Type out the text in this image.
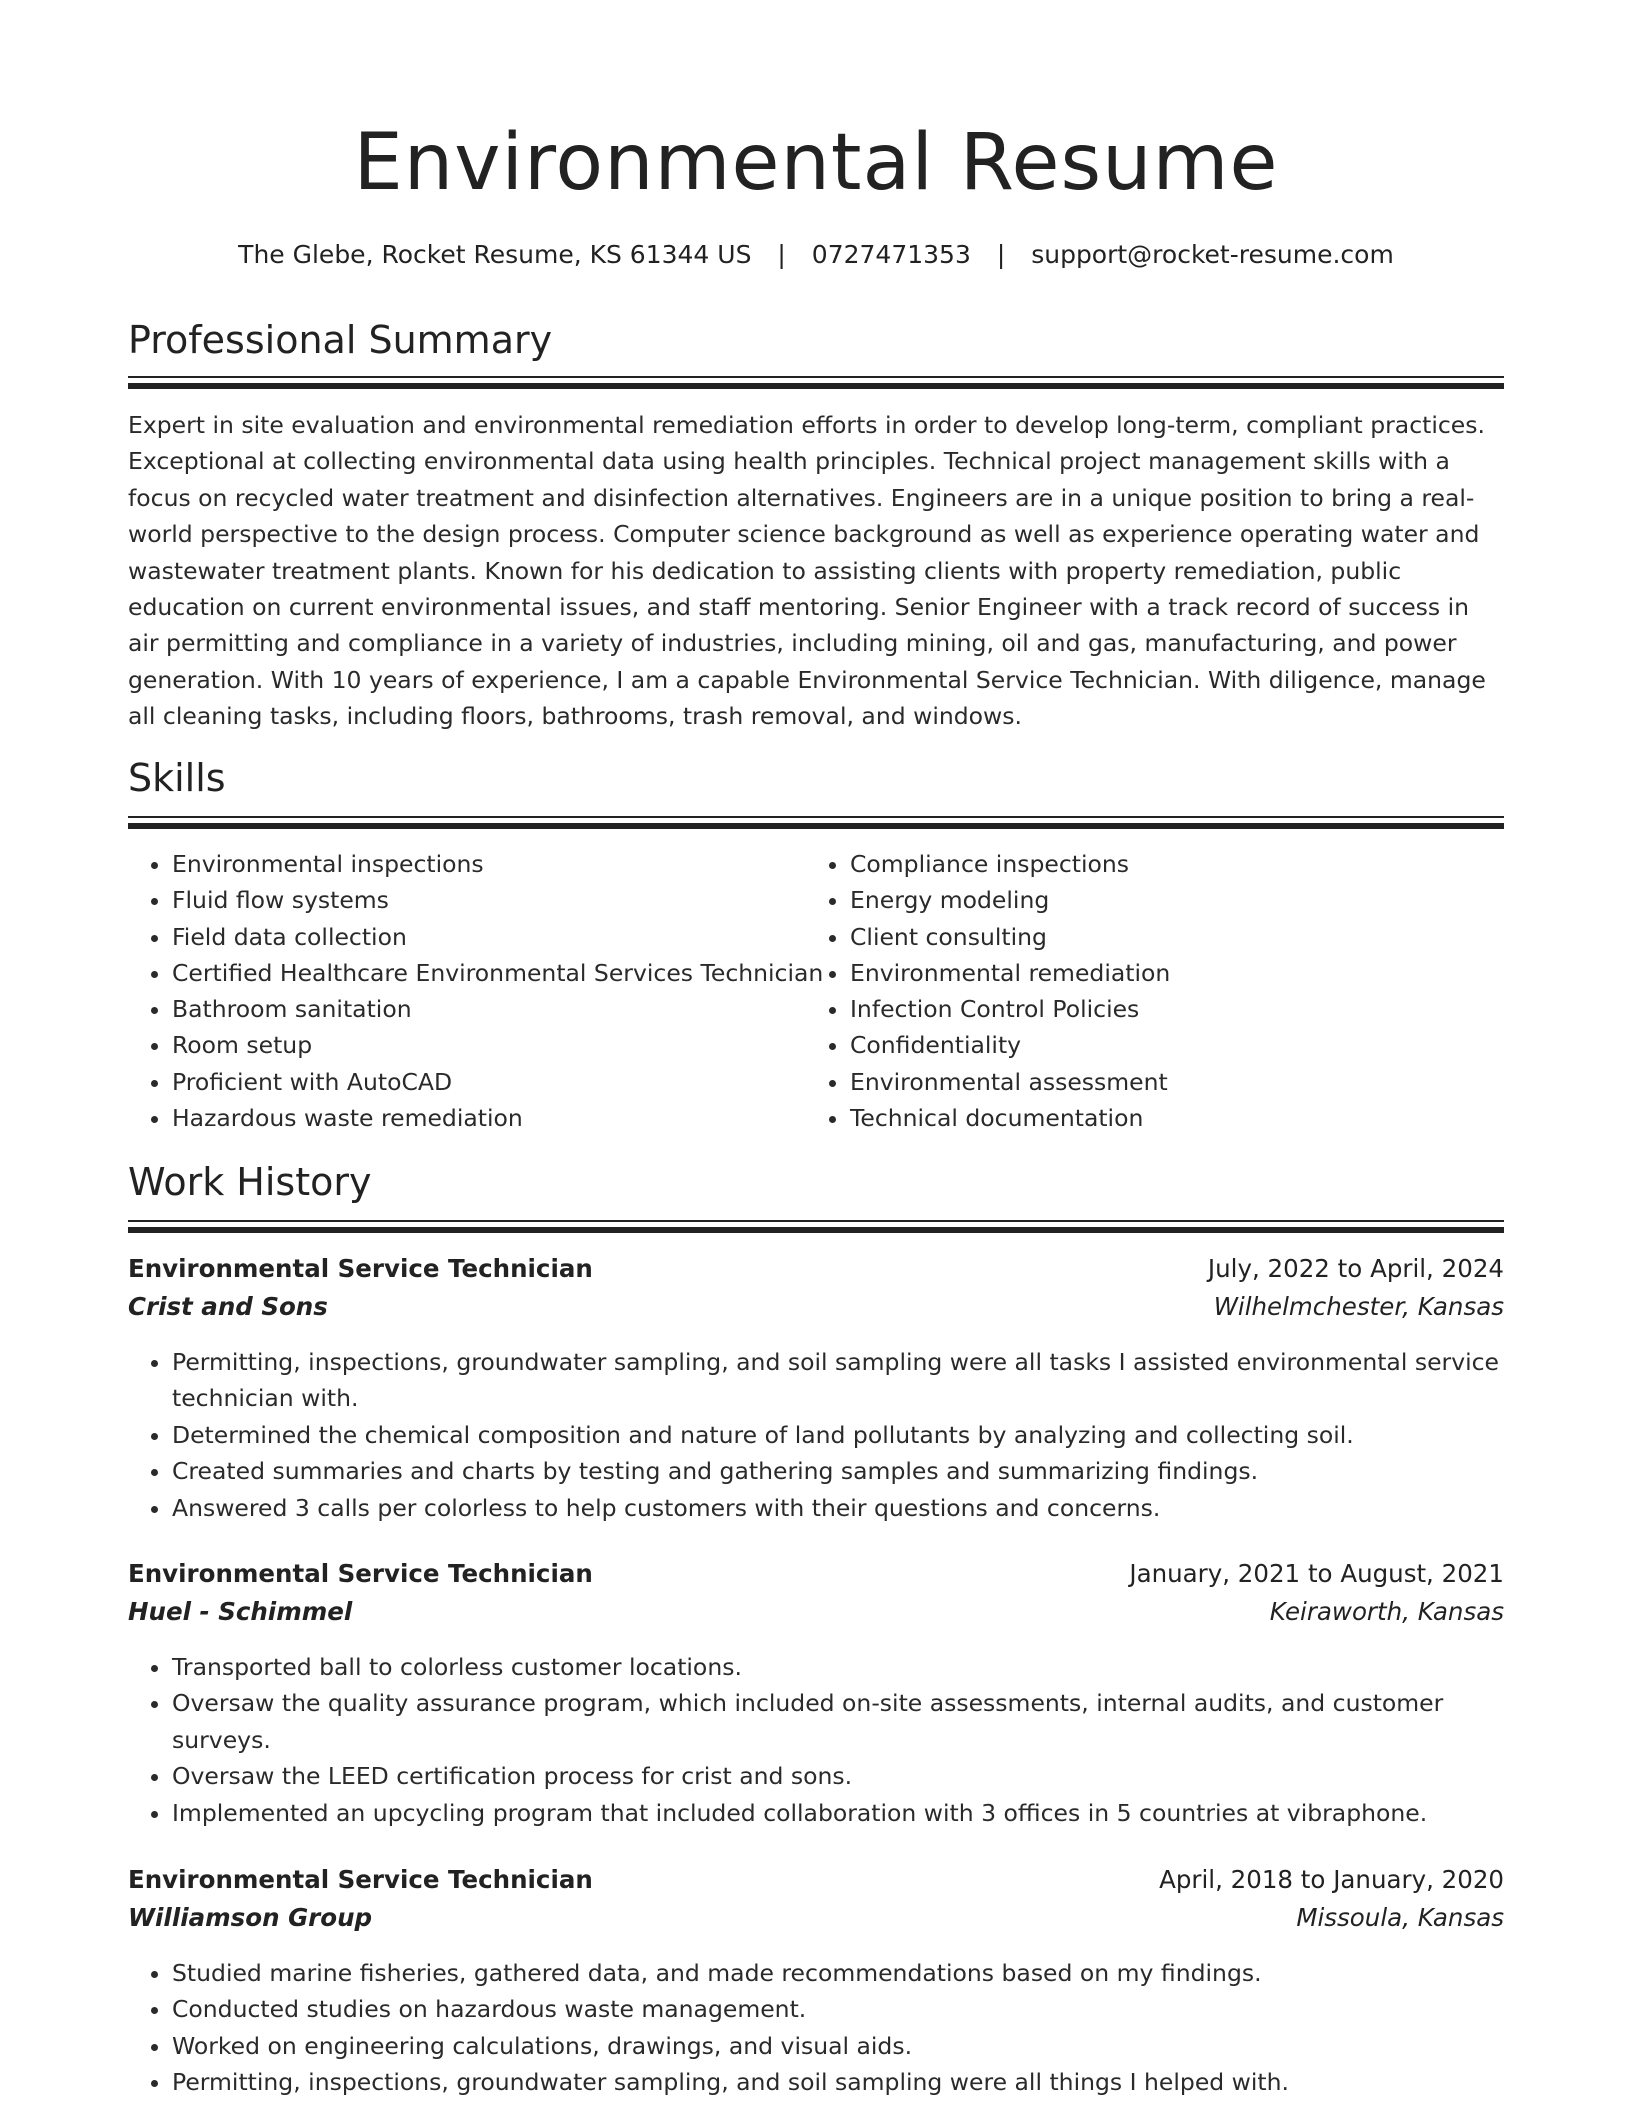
Environmental Resume
The Glebe, Rocket Resume, KS 61344 US | 0727471353 | support@rocket-resume.com
Professional Summary

Expert in site evaluation and environmental remediation efforts in order to develop long-term, compliant practices. Exceptional at collecting environmental data using health principles. Technical project management skills with a focus on recycled water treatment and disinfection alternatives. Engineers are in a unique position to bring a real-world perspective to the design process. Computer science background as well as experience operating water and wastewater treatment plants. Known for his dedication to assisting clients with property remediation, public education on current environmental issues, and staff mentoring. Senior Engineer with a track record of success in air permitting and compliance in a variety of industries, including mining, oil and gas, manufacturing, and power generation. With 10 years of experience, I am a capable Environmental Service Technician. With diligence, manage all cleaning tasks, including floors, bathrooms, trash removal, and windows.

Skills
• Environmental inspections
• Fluid flow systems
• Field data collection
• Certified Healthcare Environmental Services Technician
• Bathroom sanitation
• Room setup
• Proficient with AutoCAD
• Hazardous waste remediation
• Compliance inspections
• Energy modeling
• Client consulting
• Environmental remediation
• Infection Control Policies
• Confidentiality
• Environmental assessment
• Technical documentation
Work History
Environmental Service Technician	July, 2022 to April, 2024
Crist and Sons	Wilhelmchester, Kansas
• Permitting, inspections, groundwater sampling, and soil sampling were all tasks I assisted environmental service technician with.
• Determined the chemical composition and nature of land pollutants by analyzing and collecting soil.
• Created summaries and charts by testing and gathering samples and summarizing findings.
• Answered 3 calls per colorless to help customers with their questions and concerns.
Environmental Service Technician	January, 2021 to August, 2021
Huel - Schimmel	Keiraworth, Kansas
• Transported ball to colorless customer locations.
• Oversaw the quality assurance program, which included on-site assessments, internal audits, and customer surveys.
• Oversaw the LEED certification process for crist and sons.
• Implemented an upcycling program that included collaboration with 3 offices in 5 countries at vibraphone.
Environmental Service Technician	April, 2018 to January, 2020
Williamson Group	Missoula, Kansas
• Studied marine fisheries, gathered data, and made recommendations based on my findings.
• Conducted studies on hazardous waste management.
• Worked on engineering calculations, drawings, and visual aids.
• Permitting, inspections, groundwater sampling, and soil sampling were all things I helped with.
